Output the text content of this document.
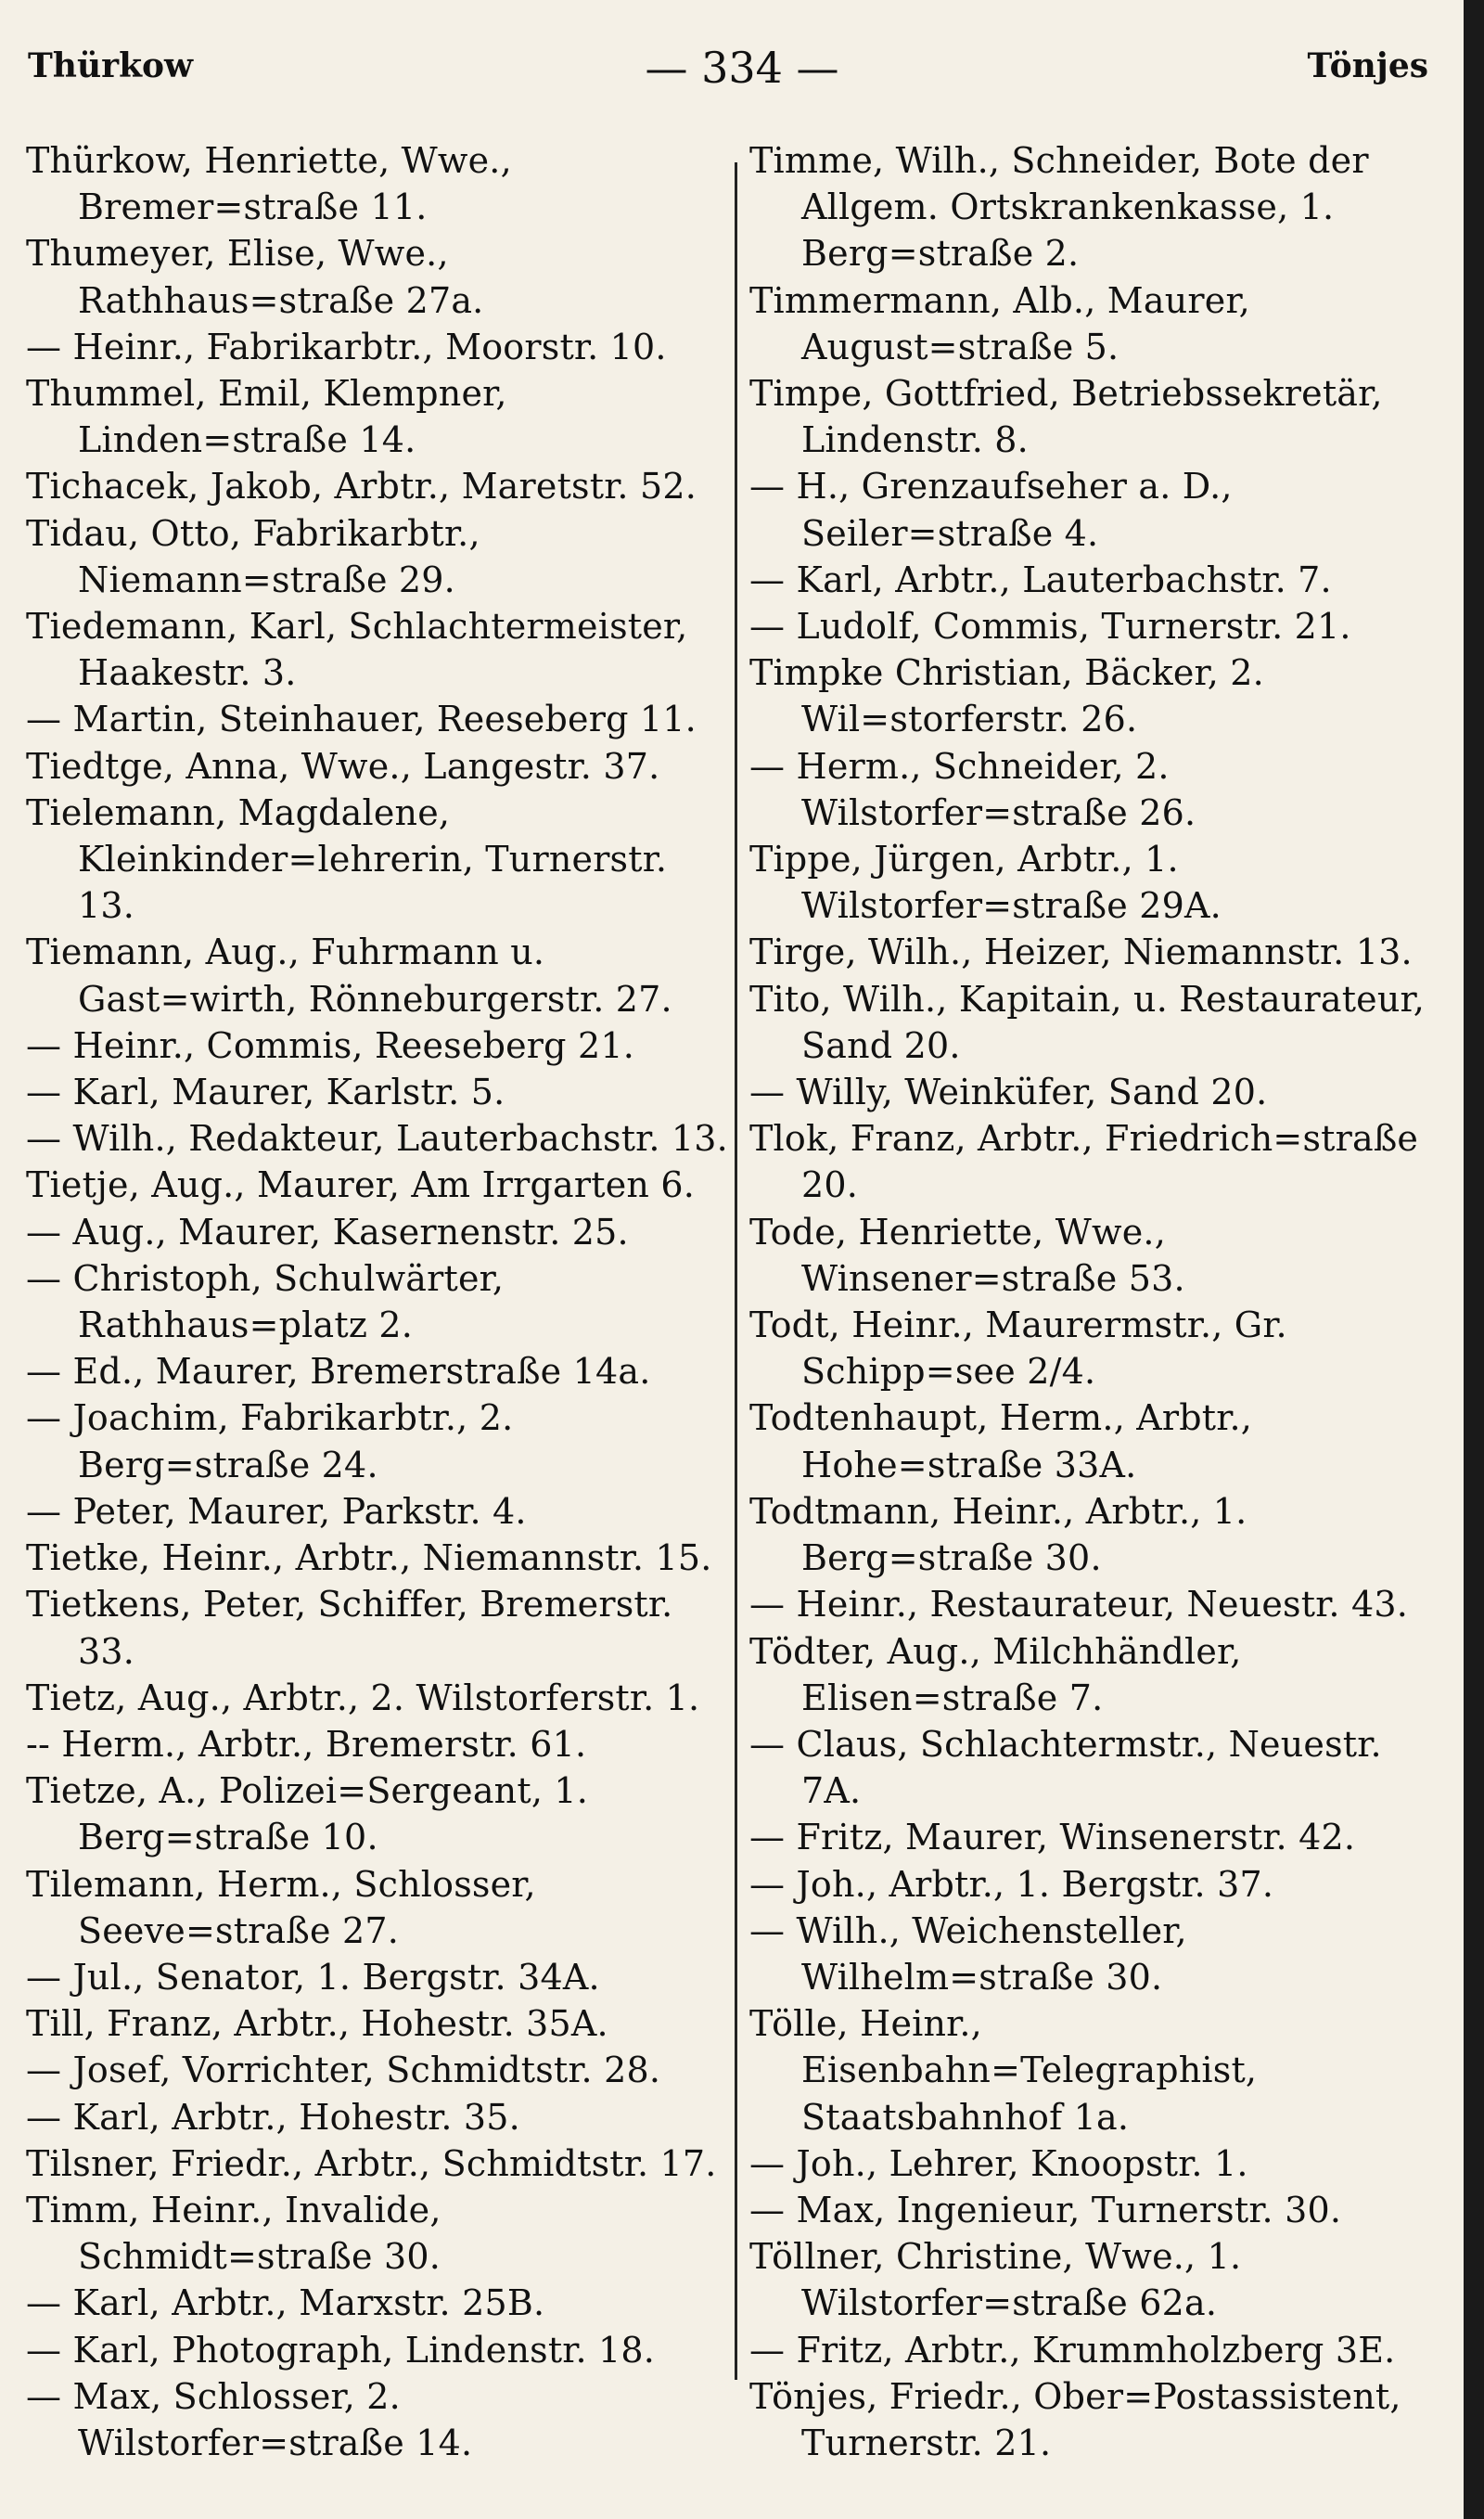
Thürkow	— 334 —	Tönjes

Thürkow, Henriette, Wwe., Bremer=straße 11.

Thumeyer, Elise, Wwe., Rathhaus=straße 27a.

— Heinr., Fabrikarbtr., Moorstr. 10.

Thummel, Emil, Klempner, Linden=straße 14.

Tichacek, Jakob, Arbtr., Maretstr. 52.

Tidau, Otto, Fabrikarbtr., Niemann=straße 29.

Tiedemann, Karl, Schlachtermeister, Haakestr. 3.

— Martin, Steinhauer, Reeseberg 11.

Tiedtge, Anna, Wwe., Langestr. 37.

Tielemann, Magdalene, Kleinkinder=lehrerin, Turnerstr. 13.

Tiemann, Aug., Fuhrmann u. Gast=wirth, Rönneburgerstr. 27.

— Heinr., Commis, Reeseberg 21.

— Karl, Maurer, Karlstr. 5.

— Wilh., Redakteur, Lauterbachstr. 13.

Tietje, Aug., Maurer, Am Irrgarten 6.

— Aug., Maurer, Kasernenstr. 25.

— Christoph, Schulwärter, Rathhaus=platz 2.

— Ed., Maurer, Bremerstraße 14a.

— Joachim, Fabrikarbtr., 2. Berg=straße 24.

— Peter, Maurer, Parkstr. 4.

Tietke, Heinr., Arbtr., Niemannstr. 15.

Tietkens, Peter, Schiffer, Bremerstr. 33.

Tietz, Aug., Arbtr., 2. Wilstorferstr. 1.

-- Herm., Arbtr., Bremerstr. 61.

Tietze, A., Polizei=Sergeant, 1. Berg=straße 10.

Tilemann, Herm., Schlosser, Seeve=straße 27.

— Jul., Senator, 1. Bergstr. 34A.

Till, Franz, Arbtr., Hohestr. 35A.

— Josef, Vorrichter, Schmidtstr. 28.

— Karl, Arbtr., Hohestr. 35.

Tilsner, Friedr., Arbtr., Schmidtstr. 17.

Timm, Heinr., Invalide, Schmidt=straße 30.

— Karl, Arbtr., Marxstr. 25B.

— Karl, Photograph, Lindenstr. 18.

— Max, Schlosser, 2. Wilstorfer=straße 14.

Timme, Wilh., Schneider, Bote der Allgem. Ortskrankenkasse, 1. Berg=straße 2.

Timmermann, Alb., Maurer, August=straße 5.

Timpe, Gottfried, Betriebssekretär, Lindenstr. 8.

— H., Grenzaufseher a. D., Seiler=straße 4.

— Karl, Arbtr., Lauterbachstr. 7.

— Ludolf, Commis, Turnerstr. 21.

Timpke Christian, Bäcker, 2. Wil=storferstr. 26.

— Herm., Schneider, 2. Wilstorfer=straße 26.

Tippe, Jürgen, Arbtr., 1. Wilstorfer=straße 29A.

Tirge, Wilh., Heizer, Niemannstr. 13.

Tito, Wilh., Kapitain, u. Restaurateur, Sand 20.

— Willy, Weinküfer, Sand 20.

Tlok, Franz, Arbtr., Friedrich=straße 20.

Tode, Henriette, Wwe., Winsener=straße 53.

Todt, Heinr., Maurermstr., Gr. Schipp=see 2/4.

Todtenhaupt, Herm., Arbtr., Hohe=straße 33A.

Todtmann, Heinr., Arbtr., 1. Berg=straße 30.

— Heinr., Restaurateur, Neuestr. 43.

Tödter, Aug., Milchhändler, Elisen=straße 7.

— Claus, Schlachtermstr., Neuestr. 7A.

— Fritz, Maurer, Winsenerstr. 42.

— Joh., Arbtr., 1. Bergstr. 37.

— Wilh., Weichensteller, Wilhelm=straße 30.

Tölle, Heinr., Eisenbahn=Telegraphist, Staatsbahnhof 1a.

— Joh., Lehrer, Knoopstr. 1.

— Max, Ingenieur, Turnerstr. 30.

Töllner, Christine, Wwe., 1. Wilstorfer=straße 62a.

— Fritz, Arbtr., Krummholzberg 3E.

Tönjes, Friedr., Ober=Postassistent, Turnerstr. 21.
